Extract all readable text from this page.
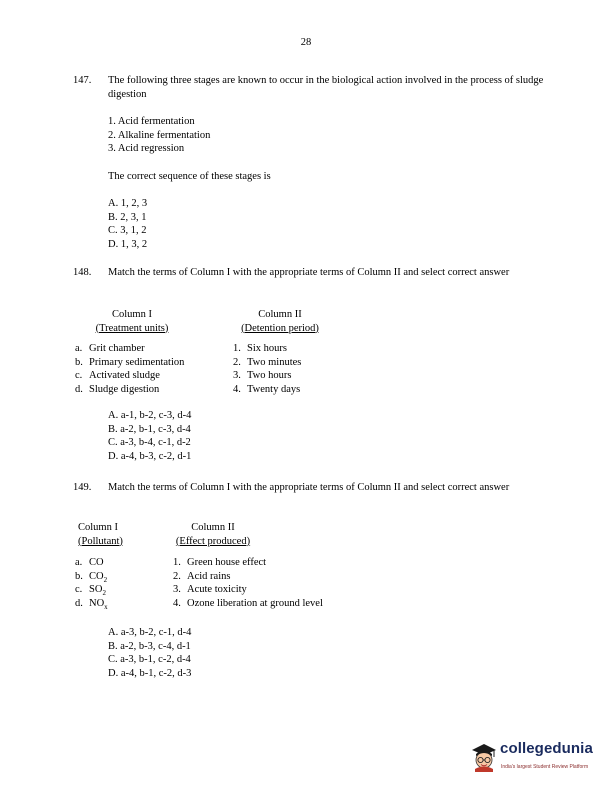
28
147.	The following three stages are known to occur in the biological action involved in the process of sludge digestion
1. Acid fermentation
2. Alkaline fermentation
3. Acid regression
The correct sequence of these stages is
A. 1, 2, 3
B. 2, 3, 1
C. 3, 1, 2
D. 1, 3, 2
148.	Match the terms of Column I with the appropriate terms of Column II and select correct answer
Column I
(Treatment units)
Column II
(Detention period)
a.	Grit chamber		1.	Six hours
b.	Primary sedimentation		2.	Two minutes
c.	Activated sludge		3.	Two hours
d.	Sludge digestion		4.	Twenty days
A. a-1, b-2, c-3, d-4
B. a-2, b-1, c-3, d-4
C. a-3, b-4, c-1, d-2
D. a-4, b-3, c-2, d-1
149.	Match the terms of Column I with the appropriate terms of Column II and select correct answer
Column I
(Pollutant)
Column II
(Effect produced)
a.	CO		1.	Green house effect
b.	$CO_2$		2.	Acid rains
c.	$SO_2$		3.	Acute toxicity
d.	$NO_x$		4.	Ozone liberation at ground level
A. a-3, b-2, c-1, d-4
B. a-2, b-3, c-4, d-1
C. a-3, b-1, c-2, d-4
D. a-4, b-1, c-2, d-3
collegedunia
India's largest Student Review Platform
